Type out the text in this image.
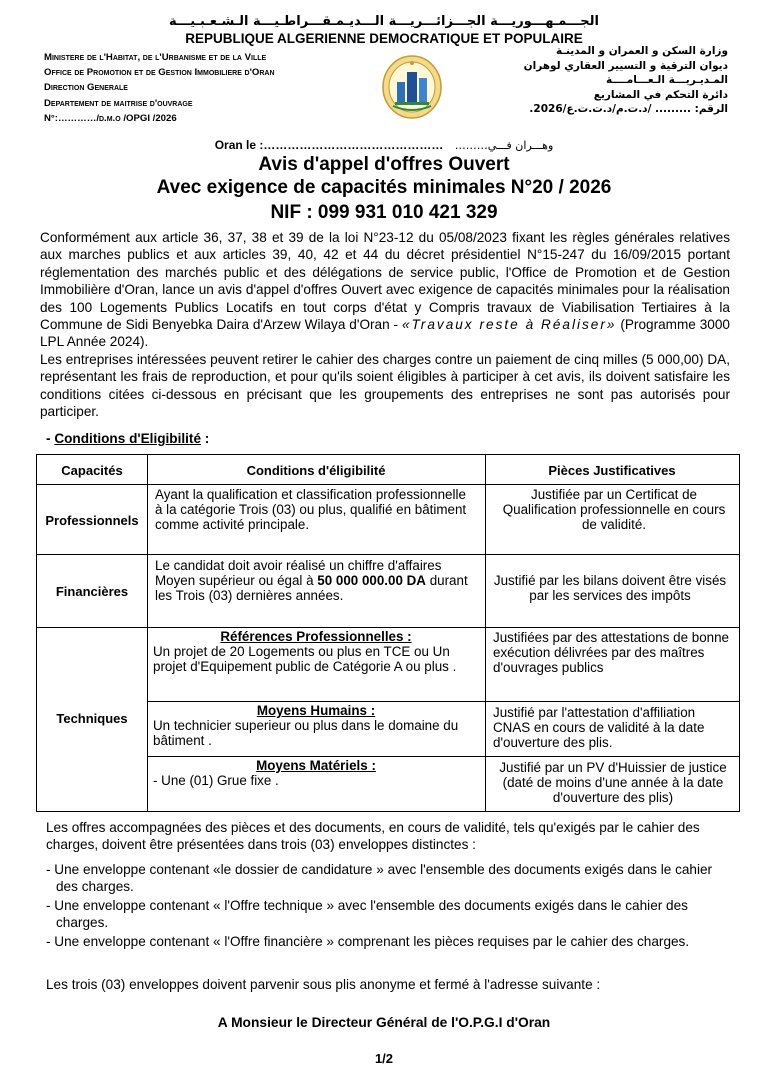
الجـــمـهـــوريـــة الجـــزائـــريـــة الـــديـمـقـــراطـيـــة الـشـعـبـيـــة
REPUBLIQUE ALGERIENNE DEMOCRATIQUE ET POPULAIRE
Ministere de l'Habitat, de l'Urbanisme et de la Ville
Office de Promotion et de Gestion Immobiliere d'Oran
Direction Generale
Departement de maitrise d'ouvrage
N°:…………/d.m.o /OPGI /2026
وزارة السكن و العمران و المدينـة
ديوان الترقية و التسيير العقاري لوهران
المـديـريـــة الـعـــامــــة
دائرة التحكم في المشاريع
الرقم: ......... /د.ت.م/د.ت.ت.ع/2026.
Oran le :……………………………………… وهـــران فـــي………
Avis d'appel d'offres Ouvert
Avec exigence de capacités minimales N°20 / 2026
NIF : 099 931 010 421 329
Conformément aux article 36, 37, 38 et 39 de la loi N°23-12 du 05/08/2023 fixant les règles générales relatives aux marches publics et aux articles 39, 40, 42 et 44 du décret présidentiel N°15-247 du 16/09/2015 portant réglementation des marchés public et des délégations de service public, l'Office de Promotion et de Gestion Immobilière d'Oran, lance un avis d'appel d'offres Ouvert avec exigence de capacités minimales pour la réalisation des 100 Logements Publics Locatifs en tout corps d'état y Compris travaux de Viabilisation Tertiaires à la Commune de Sidi Benyebka Daira d'Arzew Wilaya d'Oran - «Travaux reste à Réaliser» (Programme 3000 LPL Année 2024).
Les entreprises intéressées peuvent retirer le cahier des charges contre un paiement de cinq milles (5 000,00) DA, représentant les frais de reproduction, et pour qu'ils soient éligibles à participer à cet avis, ils doivent satisfaire les conditions citées ci-dessous en précisant que les groupements des entreprises ne sont pas autorisés pour participer.
- Conditions d'Eligibilité :
Capacités	Conditions d'éligibilité	Pièces Justificatives
Professionnels
Ayant la qualification et classification professionnelle à la catégorie Trois (03) ou plus, qualifié en bâtiment comme activité principale.
Justifiée par un Certificat de Qualification professionnelle en cours de validité.
Financières
Le candidat doit avoir réalisé un chiffre d'affaires Moyen supérieur ou égal à 50 000 000.00 DA durant les Trois (03) dernières années.
Justifié par les bilans doivent être visés par les services des impôts
Techniques
Références Professionnelles :
Un projet de 20 Logements ou plus en TCE ou Un projet d'Equipement public de Catégorie A ou plus .
Justifiées par des attestations de bonne exécution délivrées par des maîtres d'ouvrages publics
Moyens Humains :
Un technicier superieur ou plus dans le domaine du bâtiment .
Justifié par l'attestation d'affiliation CNAS en cours de validité à la date d'ouverture des plis.
Moyens Matériels :
- Une (01) Grue fixe .
Justifié par un PV d'Huissier de justice (daté de moins d'une année à la date d'ouverture des plis)
Les offres accompagnées des pièces et des documents, en cours de validité, tels qu'exigés par le cahier des charges, doivent être présentées dans trois (03) enveloppes distinctes :
- Une enveloppe contenant «le dossier de candidature » avec l'ensemble des documents exigés dans le cahier des charges.
- Une enveloppe contenant « l'Offre technique » avec l'ensemble des documents exigés dans le cahier des charges.
- Une enveloppe contenant « l'Offre financière » comprenant les pièces requises par le cahier des charges.
Les trois (03) enveloppes doivent parvenir sous plis anonyme et fermé à l'adresse suivante :
A Monsieur le Directeur Général de l'O.P.G.I d'Oran
1/2
